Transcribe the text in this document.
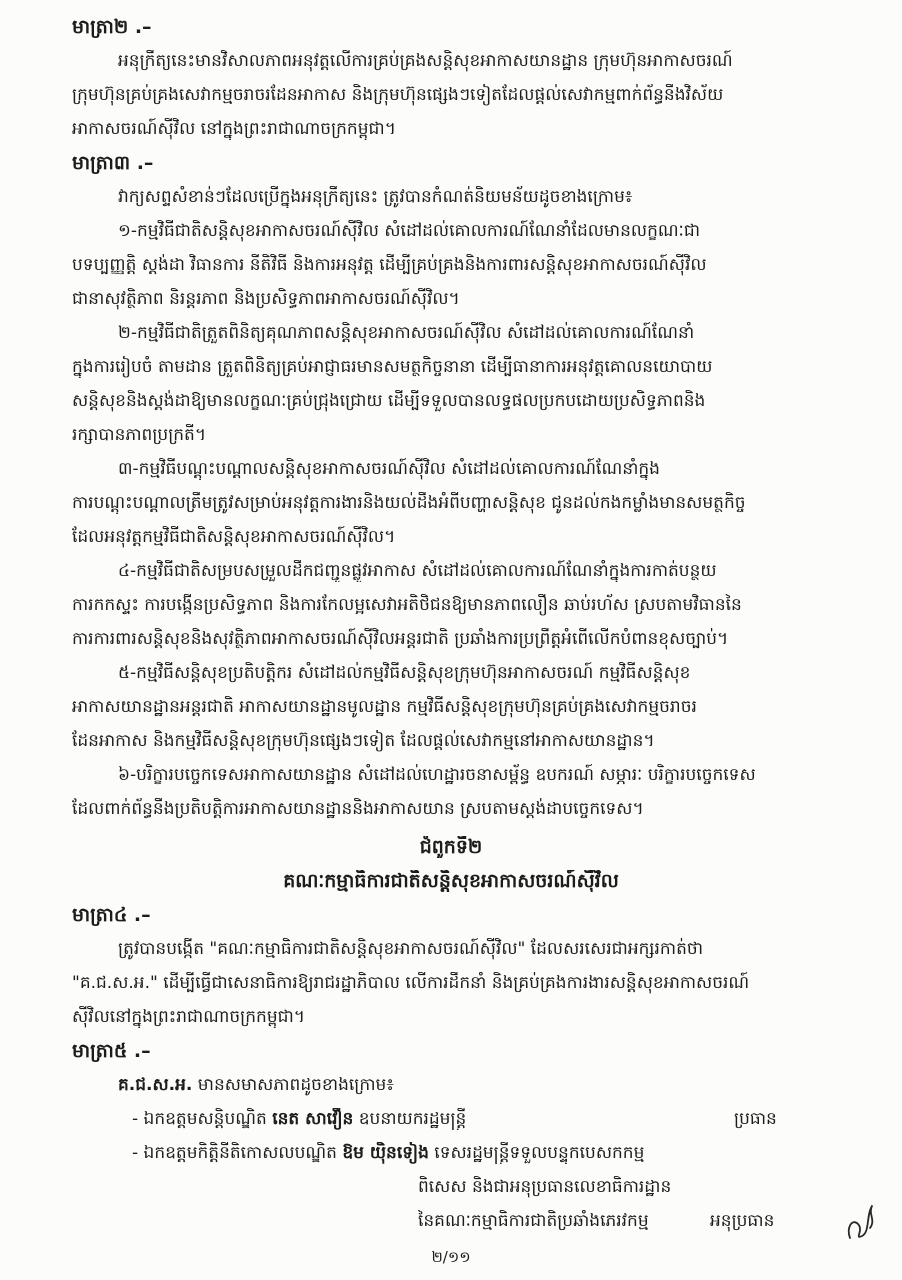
មាត្រា២ .–
អនុក្រឹត្យនេះមានវិសាលភាពអនុវត្តលើការគ្រប់គ្រងសន្តិសុខអាកាសយានដ្ឋាន ក្រុមហ៊ុនអាកាសចរណ៍
ក្រុមហ៊ុនគ្រប់គ្រងសេវាកម្មចរាចរដែនអាកាស និងក្រុមហ៊ុនផ្សេងៗទៀតដែលផ្តល់សេវាកម្មពាក់ព័ន្ធនឹងវិស័យ
អាកាសចរណ៍ស៊ីវិល នៅក្នុងព្រះរាជាណាចក្រកម្ពុជា។
មាត្រា៣ .–
វាក្យសព្ទសំខាន់ៗដែលប្រើក្នុងអនុក្រឹត្យនេះ ត្រូវបានកំណត់និយមន័យដូចខាងក្រោម៖
១-កម្មវិធីជាតិសន្តិសុខអាកាសចរណ៍ស៊ីវិល សំដៅដល់គោលការណ៍ណែនាំដែលមានលក្ខណៈជា
បទប្បញ្ញត្តិ ស្តង់ដា វិធានការ នីតិវិធី និងការអនុវត្ត ដើម្បីគ្រប់គ្រងនិងការពារសន្តិសុខអាកាសចរណ៍ស៊ីវិល
ជានាសុវត្ថិភាព និរន្តរភាព និងប្រសិទ្ធភាពអាកាសចរណ៍ស៊ីវិល។
២-កម្មវិធីជាតិត្រួតពិនិត្យគុណភាពសន្តិសុខអាកាសចរណ៍ស៊ីវិល សំដៅដល់គោលការណ៍ណែនាំ
ក្នុងការរៀបចំ តាមដាន ត្រួតពិនិត្យគ្រប់អាជ្ញាធរមានសមត្ថកិច្ចនានា ដើម្បីធានាការអនុវត្តគោលនយោបាយ
សន្តិសុខនិងស្តង់ដាឱ្យមានលក្ខណៈគ្រប់ជ្រុងជ្រោយ ដើម្បីទទួលបានលទ្ធផលប្រកបដោយប្រសិទ្ធភាពនិង
រក្សាបានភាពប្រក្រតី។
៣-កម្មវិធីបណ្តុះបណ្តាលសន្តិសុខអាកាសចរណ៍ស៊ីវិល សំដៅដល់គោលការណ៍ណែនាំក្នុង
ការបណ្តុះបណ្តាលត្រឹមត្រូវសម្រាប់អនុវត្តការងារនិងយល់ដឹងអំពីបញ្ហាសន្តិសុខ ជូនដល់កងកម្លាំងមានសមត្ថកិច្ច
ដែលអនុវត្តកម្មវិធីជាតិសន្តិសុខអាកាសចរណ៍ស៊ីវិល។
៤-កម្មវិធីជាតិសម្របសម្រួលដឹកជញ្ជូនផ្លូវអាកាស សំដៅដល់គោលការណ៍ណែនាំក្នុងការកាត់បន្ថយ
ការកកស្ទះ ការបង្កើនប្រសិទ្ធភាព និងការកែលម្អសេវាអតិថិជនឱ្យមានភាពលឿន ឆាប់រហ័ស ស្របតាមវិធាននៃ
ការការពារសន្តិសុខនិងសុវត្ថិភាពអាកាសចរណ៍ស៊ីវិលអន្តរជាតិ ប្រឆាំងការប្រព្រឹត្តអំពើលើកបំពានខុសច្បាប់។
៥-កម្មវិធីសន្តិសុខប្រតិបត្តិករ សំដៅដល់កម្មវិធីសន្តិសុខក្រុមហ៊ុនអាកាសចរណ៍ កម្មវិធីសន្តិសុខ
អាកាសយានដ្ឋានអន្តរជាតិ អាកាសយានដ្ឋានមូលដ្ឋាន កម្មវិធីសន្តិសុខក្រុមហ៊ុនគ្រប់គ្រងសេវាកម្មចរាចរ
ដែនអាកាស និងកម្មវិធីសន្តិសុខក្រុមហ៊ុនផ្សេងៗទៀត ដែលផ្តល់សេវាកម្មនៅអាកាសយានដ្ឋាន។
៦-បរិក្ខារបច្ចេកទេសអាកាសយានដ្ឋាន សំដៅដល់ហេដ្ឋារចនាសម្ព័ន្ធ ឧបករណ៍ សម្ភារៈ បរិក្ខារបច្ចេកទេស
ដែលពាក់ព័ន្ធនឹងប្រតិបត្តិការអាកាសយានដ្ឋាននិងអាកាសយាន ស្របតាមស្តង់ដាបច្ចេកទេស។
ជំពូកទី២
គណៈកម្មាធិការជាតិសន្តិសុខអាកាសចរណ៍ស៊ីវិល
មាត្រា៤ .–
ត្រូវបានបង្កើត "គណៈកម្មាធិការជាតិសន្តិសុខអាកាសចរណ៍ស៊ីវិល" ដែលសរសេរជាអក្សរកាត់ថា
"គ.ជ.ស.អ." ដើម្បីធ្វើជាសេនាធិការឱ្យរាជរដ្ឋាភិបាល លើការដឹកនាំ និងគ្រប់គ្រងការងារសន្តិសុខអាកាសចរណ៍
ស៊ីវិលនៅក្នុងព្រះរាជាណាចក្រកម្ពុជា។
មាត្រា៥ .–
គ.ជ.ស.អ. មានសមាសភាពដូចខាងក្រោម៖
- ឯកឧត្តមសន្តិបណ្ឌិត នេត សាវឿន ឧបនាយករដ្ឋមន្ត្រី	ប្រធាន
- ឯកឧត្តមកិត្តិនីតិកោសលបណ្ឌិត ឱម យ៉ិនទៀង ទេសរដ្ឋមន្ត្រីទទួលបន្ទុកបេសកកម្ម
ពិសេស និងជាអនុប្រធានលេខាធិការដ្ឋាន
នៃគណៈកម្មាធិការជាតិប្រឆាំងភេរវកម្ម	អនុប្រធាន
២/១១
